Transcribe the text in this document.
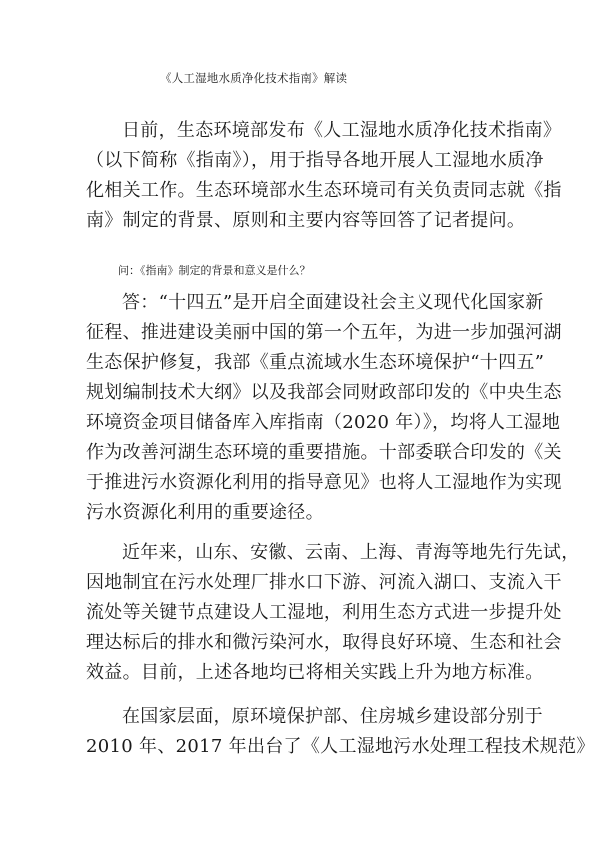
《人工湿地水质净化技术指南》解读
日前，生态环境部发布《人工湿地水质净化技术指南》
（以下简称《指南》），用于指导各地开展人工湿地水质净
化相关工作。生态环境部水生态环境司有关负责同志就《指
南》制定的背景、原则和主要内容等回答了记者提问。
问：《指南》制定的背景和意义是什么？
答：“十四五”是开启全面建设社会主义现代化国家新
征程、推进建设美丽中国的第一个五年，为进一步加强河湖
生态保护修复，我部《重点流域水生态环境保护“十四五”
规划编制技术大纲》以及我部会同财政部印发的《中央生态
环境资金项目储备库入库指南（2020 年）》，均将人工湿地
作为改善河湖生态环境的重要措施。十部委联合印发的《关
于推进污水资源化利用的指导意见》也将人工湿地作为实现
污水资源化利用的重要途径。
近年来，山东、安徽、云南、上海、青海等地先行先试，
因地制宜在污水处理厂排水口下游、河流入湖口、支流入干
流处等关键节点建设人工湿地，利用生态方式进一步提升处
理达标后的排水和微污染河水，取得良好环境、生态和社会
效益。目前，上述各地均已将相关实践上升为地方标准。
在国家层面，原环境保护部、住房城乡建设部分别于
2010 年、2017 年出台了《人工湿地污水处理工程技术规范》
